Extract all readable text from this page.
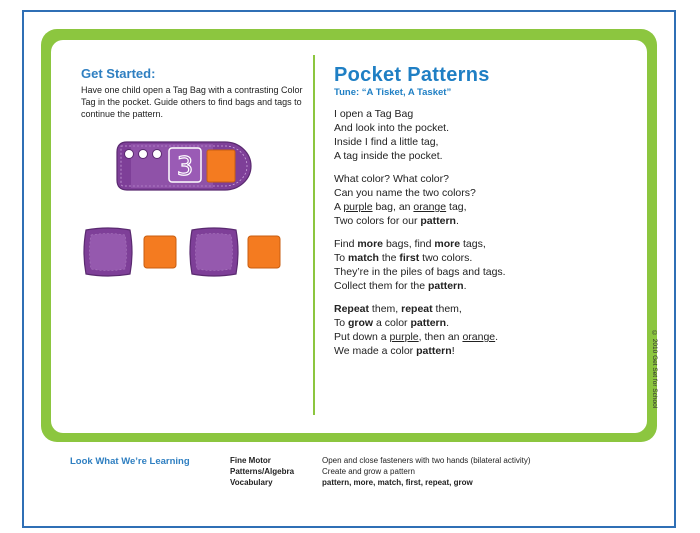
Get Started:
Have one child open a Tag Bag with a contrasting Color Tag in the pocket. Guide others to find bags and tags to continue the pattern.
3
Pocket Patterns
Tune: “A Tisket, A Tasket”
I open a Tag Bag
And look into the pocket.
Inside I find a little tag,
A tag inside the pocket.
What color? What color?
Can you name the two colors?
A purple bag, an orange tag,
Two colors for our pattern.
Find more bags, find more tags,
To match the first two colors.
They’re in the piles of bags and tags.
Collect them for the pattern.
Repeat them, repeat them,
To grow a color pattern.
Put down a purple, then an orange.
We made a color pattern!	© 2010 Get Set for School
Look What We’re Learning	Fine Motor	Open and close fasteners with two hands (bilateral activity)
Patterns/Algebra	Create and grow a pattern
Vocabulary	pattern, more, match, first, repeat, grow
